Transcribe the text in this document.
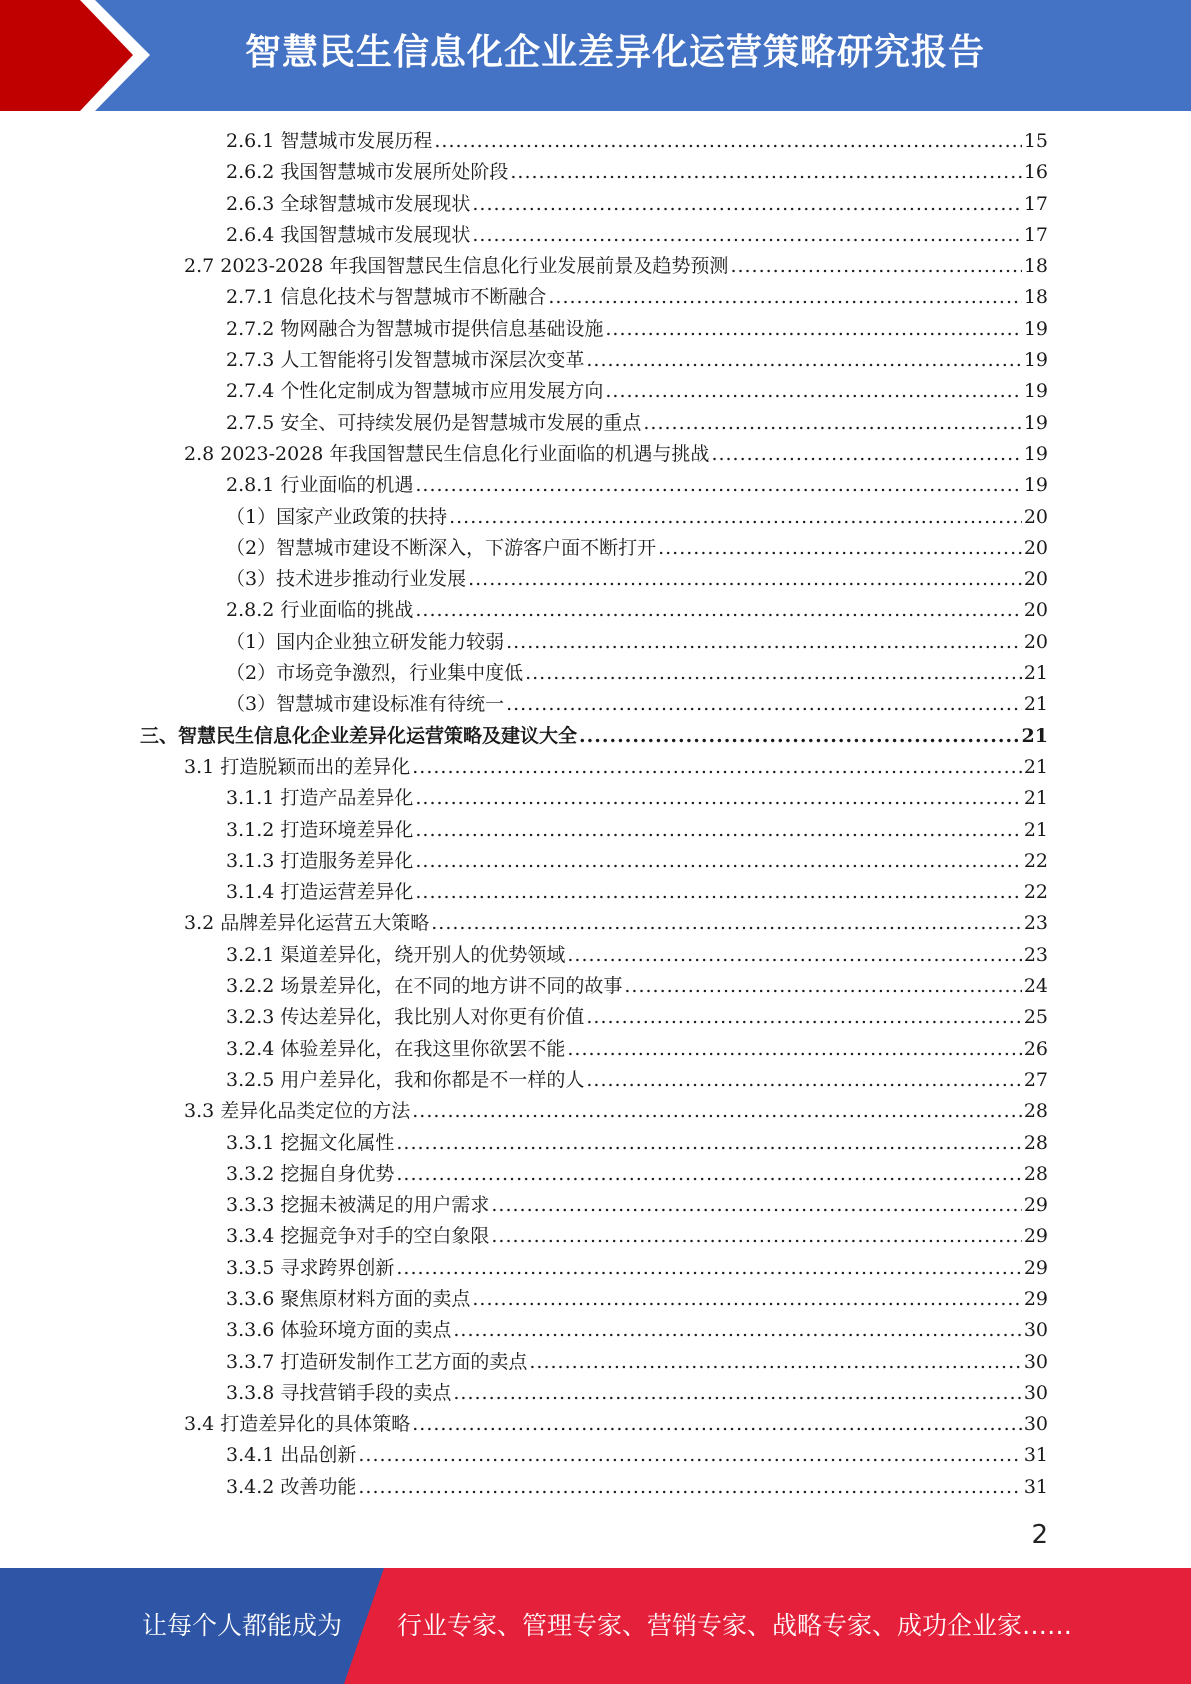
智慧民生信息化企业差异化运营策略研究报告
2.6.1 智慧城市发展历程 .....	15
2.6.2 我国智慧城市发展所处阶段 .....	16
2.6.3 全球智慧城市发展现状 .....	17
2.6.4 我国智慧城市发展现状 .....	17
2.7 2023-2028 年我国智慧民生信息化行业发展前景及趋势预测 .....	18
2.7.1 信息化技术与智慧城市不断融合 .....	18
2.7.2 物网融合为智慧城市提供信息基础设施 .....	19
2.7.3 人工智能将引发智慧城市深层次变革 .....	19
2.7.4 个性化定制成为智慧城市应用发展方向 .....	19
2.7.5 安全、可持续发展仍是智慧城市发展的重点 .....	19
2.8 2023-2028 年我国智慧民生信息化行业面临的机遇与挑战 .....	19
2.8.1 行业面临的机遇 .....	19
（1）国家产业政策的扶持 .....	20
（2）智慧城市建设不断深入，下游客户面不断打开 .....	20
（3）技术进步推动行业发展 .....	20
2.8.2 行业面临的挑战 .....	20
（1）国内企业独立研发能力较弱 .....	20
（2）市场竞争激烈，行业集中度低 .....	21
（3）智慧城市建设标准有待统一 .....	21
三、智慧民生信息化企业差异化运营策略及建议大全 .....	21
3.1 打造脱颖而出的差异化 .....	21
3.1.1 打造产品差异化 .....	21
3.1.2 打造环境差异化 .....	21
3.1.3 打造服务差异化 .....	22
3.1.4 打造运营差异化 .....	22
3.2 品牌差异化运营五大策略 .....	23
3.2.1 渠道差异化，绕开别人的优势领域 .....	23
3.2.2 场景差异化，在不同的地方讲不同的故事 .....	24
3.2.3 传达差异化，我比别人对你更有价值 .....	25
3.2.4 体验差异化，在我这里你欲罢不能 .....	26
3.2.5 用户差异化，我和你都是不一样的人 .....	27
3.3 差异化品类定位的方法 .....	28
3.3.1 挖掘文化属性 .....	28
3.3.2 挖掘自身优势 .....	28
3.3.3 挖掘未被满足的用户需求 .....	29
3.3.4 挖掘竞争对手的空白象限 .....	29
3.3.5 寻求跨界创新 .....	29
3.3.6 聚焦原材料方面的卖点 .....	29
3.3.6 体验环境方面的卖点 .....	30
3.3.7 打造研发制作工艺方面的卖点 .....	30
3.3.8 寻找营销手段的卖点 .....	30
3.4 打造差异化的具体策略 .....	30
3.4.1 出品创新 .....	31
3.4.2 改善功能 .....	31
2
让每个人都能成为 行业专家、管理专家、营销专家、战略专家、成功企业家……
